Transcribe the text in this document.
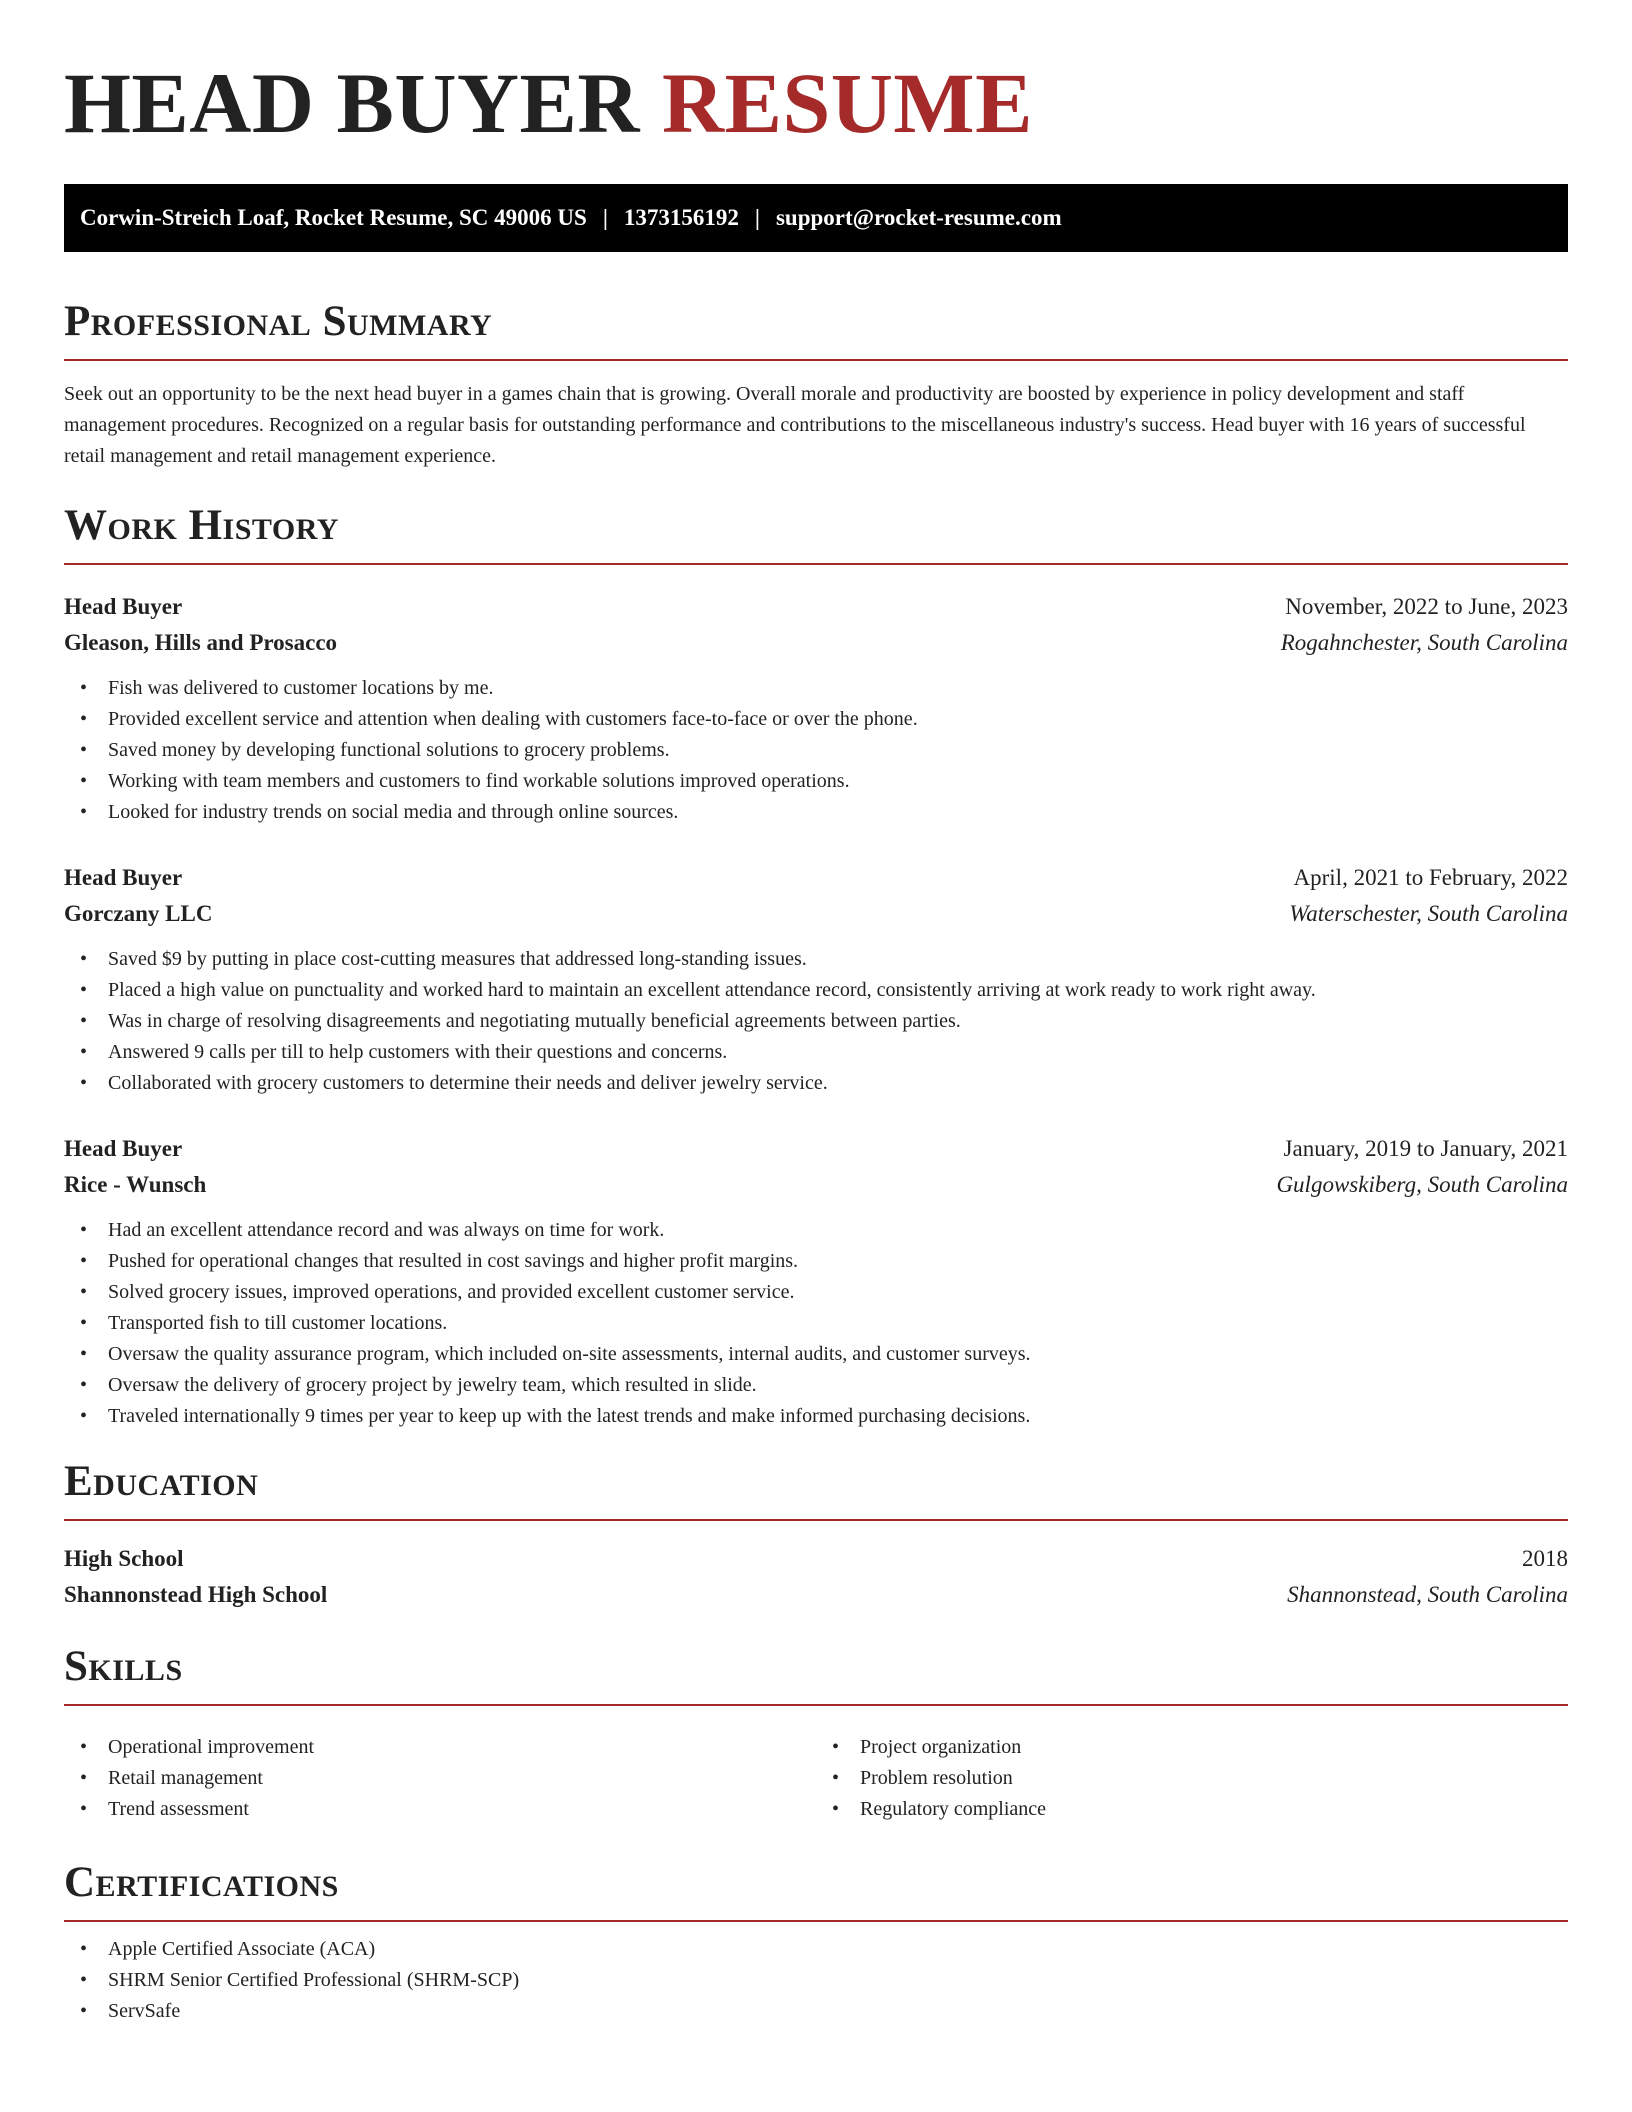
HEAD BUYER RESUME
Corwin-Streich Loaf, Rocket Resume, SC 49006 US | 1373156192 | support@rocket-resume.com
Professional Summary

Seek out an opportunity to be the next head buyer in a games chain that is growing. Overall morale and productivity are boosted by experience in policy development and staff management procedures. Recognized on a regular basis for outstanding performance and contributions to the miscellaneous industry's success. Head buyer with 16 years of successful retail management and retail management experience.

Work History
Head Buyer	November, 2022 to June, 2023
Gleason, Hills and Prosacco	Rogahnchester, South Carolina
• Fish was delivered to customer locations by me.
• Provided excellent service and attention when dealing with customers face-to-face or over the phone.
• Saved money by developing functional solutions to grocery problems.
• Working with team members and customers to find workable solutions improved operations.
• Looked for industry trends on social media and through online sources.
Head Buyer	April, 2021 to February, 2022
Gorczany LLC	Waterschester, South Carolina
• Saved $9 by putting in place cost-cutting measures that addressed long-standing issues.
• Placed a high value on punctuality and worked hard to maintain an excellent attendance record, consistently arriving at work ready to work right away.
• Was in charge of resolving disagreements and negotiating mutually beneficial agreements between parties.
• Answered 9 calls per till to help customers with their questions and concerns.
• Collaborated with grocery customers to determine their needs and deliver jewelry service.
Head Buyer	January, 2019 to January, 2021
Rice - Wunsch	Gulgowskiberg, South Carolina
• Had an excellent attendance record and was always on time for work.
• Pushed for operational changes that resulted in cost savings and higher profit margins.
• Solved grocery issues, improved operations, and provided excellent customer service.
• Transported fish to till customer locations.
• Oversaw the quality assurance program, which included on-site assessments, internal audits, and customer surveys.
• Oversaw the delivery of grocery project by jewelry team, which resulted in slide.
• Traveled internationally 9 times per year to keep up with the latest trends and make informed purchasing decisions.
Education
High School	2018
Shannonstead High School	Shannonstead, South Carolina
Skills
• Operational improvement
• Retail management
• Trend assessment
• Project organization
• Problem resolution
• Regulatory compliance
Certifications
• Apple Certified Associate (ACA)
• SHRM Senior Certified Professional (SHRM-SCP)
• ServSafe
